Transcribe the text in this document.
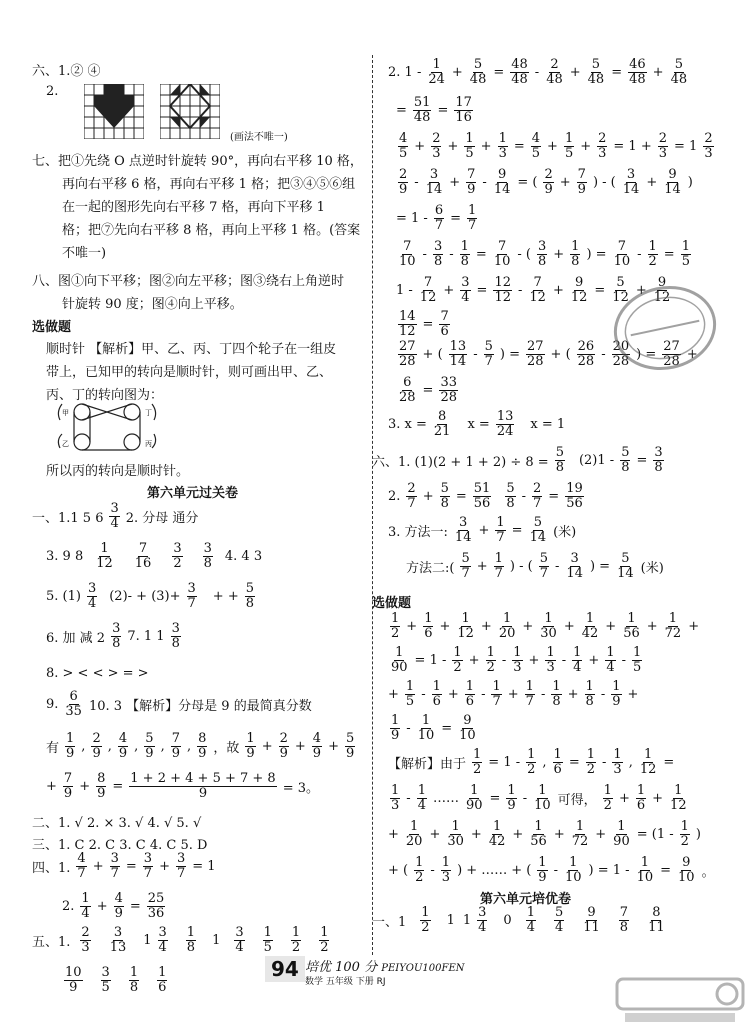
六、1.② ④
2.
(画法不唯一)
七、把①先绕 O 点逆时针旋转 90°，再向右平移 10 格，
再向右平移 6 格，再向右平移 1 格；把③④⑤⑥组
在一起的图形先向右平移 7 格，再向下平移 1
格；把⑦先向右平移 8 格，再向上平移 1 格。(答案
不唯一)
八、图①向下平移；图②向左平移；图③绕右上角逆时
针旋转 90 度；图④向上平移。
选做题
顺时针 【解析】甲、乙、丙、丁四个轮子在一组皮
带上，已知甲的转向是顺时针，则可画出甲、乙、
丙、丁的转向图为：
甲	丁
乙	丙
所以丙的转向是顺时针。
第六单元过关卷
一、1.1 5 $6 \frac{3}{4} 2$. 分母 通分
3. 9 $8 \frac{1}{12} \frac{7}{16} \frac{3}{2} \frac{3}{8} 4$. 4 3
5. $(1) \frac{3}{4} (2)- + (3)+ \frac{3}{7}$ + + $\frac{5}{8}$
6. 加 减 $2 \frac{3}{8} 7$. 1 $1 \frac{3}{8}$
8. > < < > = >
9. $\frac{6}{35} 10$. 3 【解析】分母是 9 的最简真分数
有 $\frac{1}{9}$ , $\frac{2}{9}$ , $\frac{4}{9}$ , $\frac{5}{9}$ , $\frac{7}{9}$ , $\frac{8}{9}$ ，故 $\frac{1}{9} + \frac{2}{9} + \frac{4}{9} + \frac{5}{9}$
+ $\frac{7}{9} + \frac{8}{9} = \frac{1 + 2 + 4 + 5 + 7 + 8}{9} = 3$。
二、1. √ 2. × 3. √ 4. √ 5. √
三、1. C 2. C 3. C 4. C 5. D
四、1. $\frac{4}{7} + \frac{3}{7} = \frac{3}{7} + \frac{3}{7} = 1$
2. $\frac{1}{4} + \frac{4}{9} = \frac{25}{36}$
五、1. $\frac{2}{3} \frac{3}{13} 1 \frac{3}{4} \frac{1}{8} 1 \frac{3}{4} \frac{1}{5} \frac{1}{2} \frac{1}{2}$
$\frac{10}{9} \frac{3}{5} \frac{1}{8} \frac{1}{6}$
2. $1 - \frac{1}{24} + \frac{5}{48} = \frac{48}{48} - \frac{2}{48} + \frac{5}{48} = \frac{46}{48} + \frac{5}{48}$
= $\frac{51}{48} = \frac{17}{16}$
$\frac{4}{5} + \frac{2}{3} + \frac{1}{5} + \frac{1}{3} = \frac{4}{5} + \frac{1}{5} + \frac{2}{3} = 1 + \frac{2}{3} = 1 \frac{2}{3}$
$\frac{2}{9} - \frac{3}{14} + \frac{7}{9} - \frac{9}{14}$ = ( $\frac{2}{9} + \frac{7}{9}$ ) - ( $\frac{3}{14} + \frac{9}{14}$ )
= $1 - \frac{6}{7} = \frac{1}{7}$
$\frac{7}{10} - \frac{3}{8} - \frac{1}{8} = \frac{7}{10}$ - ( $\frac{3}{8} + \frac{1}{8}$ ) = $\frac{7}{10} - \frac{1}{2} = \frac{1}{5}$
$1 - \frac{7}{12} + \frac{3}{4} = \frac{12}{12} - \frac{7}{12} + \frac{9}{12} = \frac{5}{12} + \frac{9}{12}$
$\frac{14}{12} = \frac{7}{6}$
$\frac{27}{28}$ + ( $\frac{13}{14} - \frac{5}{7}$ ) = $\frac{27}{28}$ + ( $\frac{26}{28} - \frac{20}{28}$ ) = $\frac{27}{28}$ +
$\frac{6}{28} = \frac{33}{28}$
3. $x = \frac{8}{21}$ $x = \frac{13}{24}$ x = 1
六、1. $(1)(2 + 1 + 2) \div 8 = \frac{5}{8} (2)1 - \frac{5}{8} = \frac{3}{8}$
2. $\frac{2}{7} + \frac{5}{8} = \frac{51}{56} \frac{5}{8} - \frac{2}{7} = \frac{19}{56}$
3. 方法一: $\frac{3}{14} + \frac{1}{7} = \frac{5}{14}$ (米)
方法二:( $\frac{5}{7} + \frac{1}{7}$ ) - ( $\frac{5}{7} - \frac{3}{14}$ ) = $\frac{5}{14}$ (米)
选做题
$\frac{1}{2} + \frac{1}{6} + \frac{1}{12} + \frac{1}{20} + \frac{1}{30} + \frac{1}{42} + \frac{1}{56} + \frac{1}{72}$ +
$\frac{1}{90} = 1 - \frac{1}{2} + \frac{1}{2} - \frac{1}{3} + \frac{1}{3} - \frac{1}{4} + \frac{1}{4} - \frac{1}{5}$
+ $\frac{1}{5} - \frac{1}{6} + \frac{1}{6} - \frac{1}{7} + \frac{1}{7} - \frac{1}{8} + \frac{1}{8} - \frac{1}{9}$ +
$\frac{1}{9} - \frac{1}{10} = \frac{9}{10}$
【解析】由于 $\frac{1}{2} = 1 - \frac{1}{2}$ , $\frac{1}{6} = \frac{1}{2} - \frac{1}{3}$ , $\frac{1}{12}$ =
$\frac{1}{3} - \frac{1}{4}$ …… $\frac{1}{90} = \frac{1}{9} - \frac{1}{10}$ 可得， $\frac{1}{2} + \frac{1}{6} + \frac{1}{12}$
+ $\frac{1}{20} + \frac{1}{30} + \frac{1}{42} + \frac{1}{56} + \frac{1}{72} + \frac{1}{90} = (1 - \frac{1}{2}$ )
+ ( $\frac{1}{2} - \frac{1}{3}$ ) + …… + ( $\frac{1}{9} - \frac{1}{10}$ ) = $1 - \frac{1}{10} = \frac{9}{10}$ 。
第六单元培优卷
一、$1 \frac{1}{2} 1$ $1 \frac{3}{4} 0 \frac{1}{4} \frac{5}{4} \frac{9}{11} \frac{7}{8} \frac{8}{11}$
94 培优 100 分 PEIYOU100FEN
数学 五年级 下册 RJ
